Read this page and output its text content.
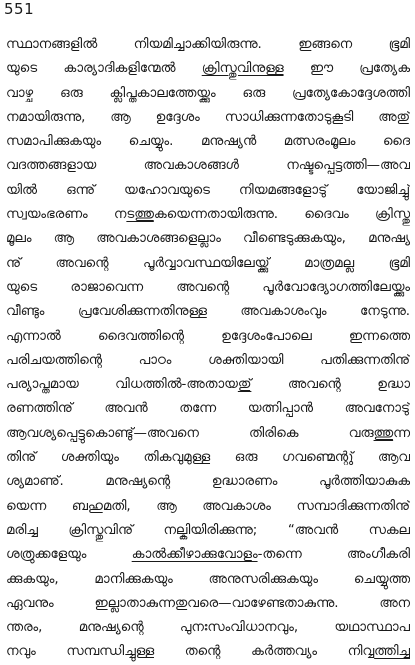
551
സ്ഥാനങ്ങളിൽ നിയമിച്ചാക്കിയിരുന്നു. ഇങ്ങനെ ഭൂമി
യുടെ കാര്യാദികളിന്മേൽ ക്രിസ്തുവിനുള്ള ഈ പ്രത്യേക
വാഴ്ച ഒരു ക്ലിപ്തകാലത്തേയ്ക്കും ഒരു പ്രത്യേകോദ്ദേശത്തി
നമായിരുന്നു, ആ ഉദ്ദേശം സാധിക്കുന്നതോടുകൂടി അതു്
സമാപിക്കുകയും ചെയ്യും. മനുഷ്യൻ മത്സരംമൂലം ദൈ
വദത്തങ്ങളായ അവകാശങ്ങൾ നഷ്ടപ്പെട്ടത്തി—അവ
യിൽ ഒന്നു് യഹോവയുടെ നിയമങ്ങളോടു് യോജിച്ചു്
സ്വയംഭരണം നടത്തുകയെന്നതായിരുന്നു. ദൈവം ക്രിസ്തു
മൂലം ആ അവകാശങ്ങളെല്ലാം വീണ്ടെടുക്കുകയും, മനുഷ്യ
നു് അവന്റെ പൂർവ്വാവസ്ഥയിലേയ്ക്കു് മാത്രമല്ല ഭൂമി
യുടെ രാജാവെന്ന അവന്റെ പൂർവോദ്യോഗത്തിലേയ്ക്കും
വീണ്ടും പ്രവേശിക്കുന്നതിനുള്ള അവകാശംവും നേടുന്നു.
എന്നാൽ ദൈവത്തിന്റെ ഉദ്ദേശംപോലെ ഇന്നത്തെ
പരിചയത്തിന്റെ പാഠം ശക്തിയായി പതിക്കുന്നതിനു്
പര്യാപ്തമായ വിധത്തിൽ-അതായതു് അവന്റെ ഉദ്ധാ
രണത്തിനു് അവൻ തന്നേ യത്നിപ്പാൻ അവനോടു്
ആവശ്യപ്പെട്ടുകൊണ്ടു്—അവനെ തിരികെ വരുത്തുന്ന
തിനു് ശക്തിയും തികവുമുള്ള ഒരു ഗവണ്മെന്റു് ആവ
ശ്യമാണു്. മനുഷ്യന്റെ ഉദ്ധാരണം പൂർത്തിയാകുക
യെന്ന ബഹുമതി, ആ അവകാശം സമ്പാദിക്കുന്നതിനു്
മരിച്ച ക്രിസ്തുവിനു് നല്കിയിരിക്കുന്നു; “അവൻ സകല
ശത്രുക്കളേയും കാൽക്കീഴാക്കുവോളം-തന്നെ അംഗീകരി
ക്കുകയും, മാനിക്കുകയും അനുസരിക്കുകയും ചെയ്യുത്ത
ഏവനും ഇല്ലാതാകുന്നതുവരെ—വാഴേണ്ടതാകുന്നു. അന
ന്തരം, മനുഷ്യന്റെ പുനഃസംവിധാനവും, യഥാസ്ഥാപ
നവും സമ്പന്ധിച്ചുള്ള തന്റെ കർത്തവ്യം നിവ്വത്തിച്ച
